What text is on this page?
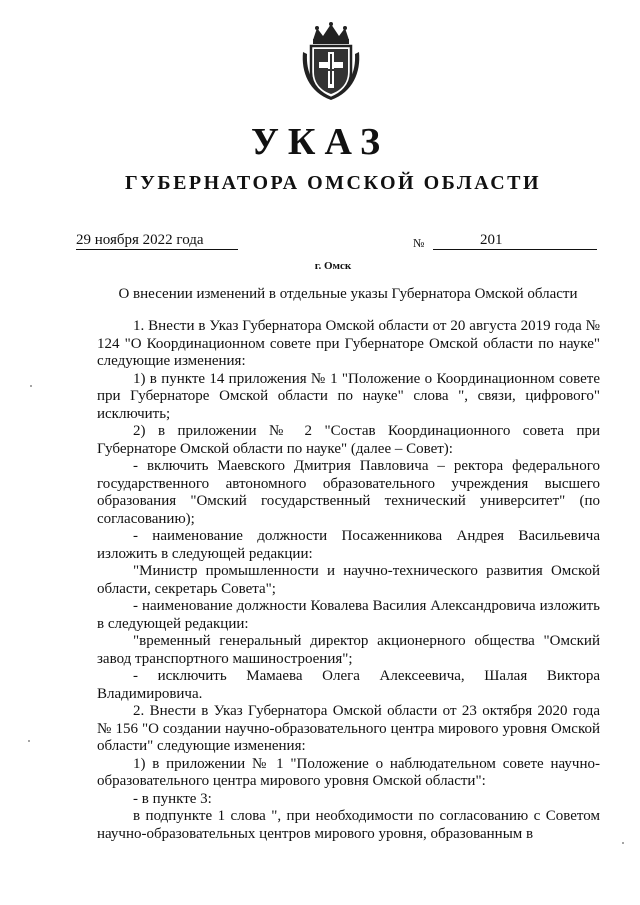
УКАЗ
ГУБЕРНАТОРА ОМСКОЙ ОБЛАСТИ
29 ноября 2022 года	№	201
г. Омск
О внесении изменений в отдельные указы Губернатора Омской области

1. Внести в Указ Губернатора Омской области от 20 августа 2019 года № 124 "О Координационном совете при Губернаторе Омской области по науке" следующие изменения:

1) в пункте 14 приложения № 1 "Положение о Координационном совете при Губернаторе Омской области по науке" слова ", связи, цифрового" исключить;

2) в приложении № 2 "Состав Координационного совета при Губернаторе Омской области по науке" (далее – Совет):

- включить Маевского Дмитрия Павловича – ректора федерального государственного автономного образовательного учреждения высшего образования "Омский государственный технический университет" (по согласованию);

- наименование должности Посаженникова Андрея Васильевича изложить в следующей редакции:

"Министр промышленности и научно-технического развития Омской области, секретарь Совета";

- наименование должности Ковалева Василия Александровича изложить в следующей редакции:

"временный генеральный директор акционерного общества "Омский завод транспортного машиностроения";

- исключить Мамаева Олега Алексеевича, Шалая Виктора Владимировича.

2. Внести в Указ Губернатора Омской области от 23 октября 2020 года № 156 "О создании научно-образовательного центра мирового уровня Омской области" следующие изменения:

1) в приложении № 1 "Положение о наблюдательном совете научно-образовательного центра мирового уровня Омской области":

- в пункте 3:

в подпункте 1 слова ", при необходимости по согласованию с Советом научно-образовательных центров мирового уровня, образованным в
